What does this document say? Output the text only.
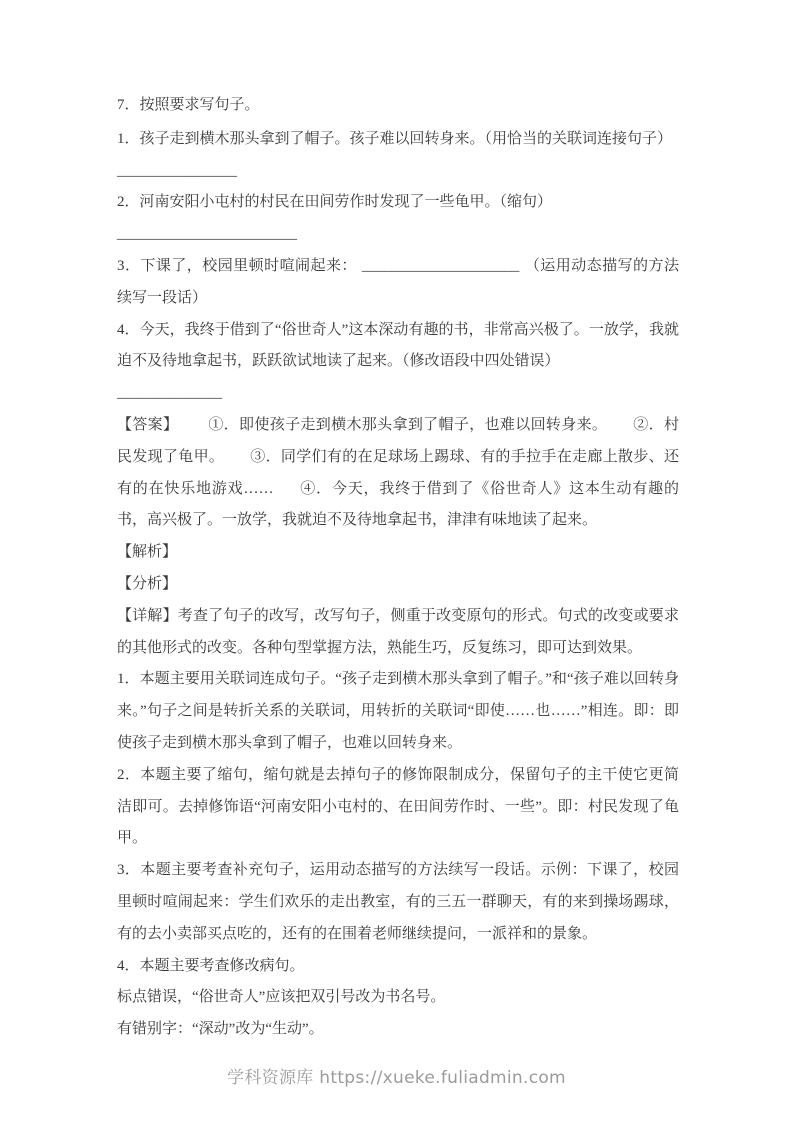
7．按照要求写句子。

1．孩子走到横木那头拿到了帽子。孩子难以回转身来。（用恰当的关联词连接句子）

________________

2．河南安阳小屯村的村民在田间劳作时发现了一些龟甲。（缩句）

________________________

3．下课了，校园里顿时喧闹起来： _____________________ （运用动态描写的方法续写一段话）

4．今天，我终于借到了“俗世奇人”这本深动有趣的书，非常高兴极了。一放学，我就迫不及待地拿起书，跃跃欲试地读了起来。（修改语段中四处错误）

______________

【答案】 ①．即使孩子走到横木那头拿到了帽子，也难以回转身来。 ②．村民发现了龟甲。 ③．同学们有的在足球场上踢球、有的手拉手在走廊上散步、还有的在快乐地游戏…… ④．今天，我终于借到了《俗世奇人》这本生动有趣的书，高兴极了。一放学，我就迫不及待地拿起书，津津有味地读了起来。

【解析】

【分析】

【详解】考查了句子的改写，改写句子，侧重于改变原句的形式。句式的改变或要求的其他形式的改变。各种句型掌握方法，熟能生巧，反复练习，即可达到效果。

1．本题主要用关联词连成句子。“孩子走到横木那头拿到了帽子。”和“孩子难以回转身来。”句子之间是转折关系的关联词，用转折的关联词“即使……也……”相连。即：即使孩子走到横木那头拿到了帽子，也难以回转身来。

2．本题主要了缩句，缩句就是去掉句子的修饰限制成分，保留句子的主干使它更简洁即可。去掉修饰语“河南安阳小屯村的、在田间劳作时、一些”。即：村民发现了龟甲。

3．本题主要考查补充句子，运用动态描写的方法续写一段话。示例：下课了，校园里顿时喧闹起来：学生们欢乐的走出教室，有的三五一群聊天，有的来到操场踢球，有的去小卖部买点吃的，还有的在围着老师继续提问，一派祥和的景象。

4．本题主要考查修改病句。

标点错误，“俗世奇人”应该把双引号改为书名号。

有错别字：“深动”改为“生动”。

学科资源库 https://xueke.fuliadmin.com
